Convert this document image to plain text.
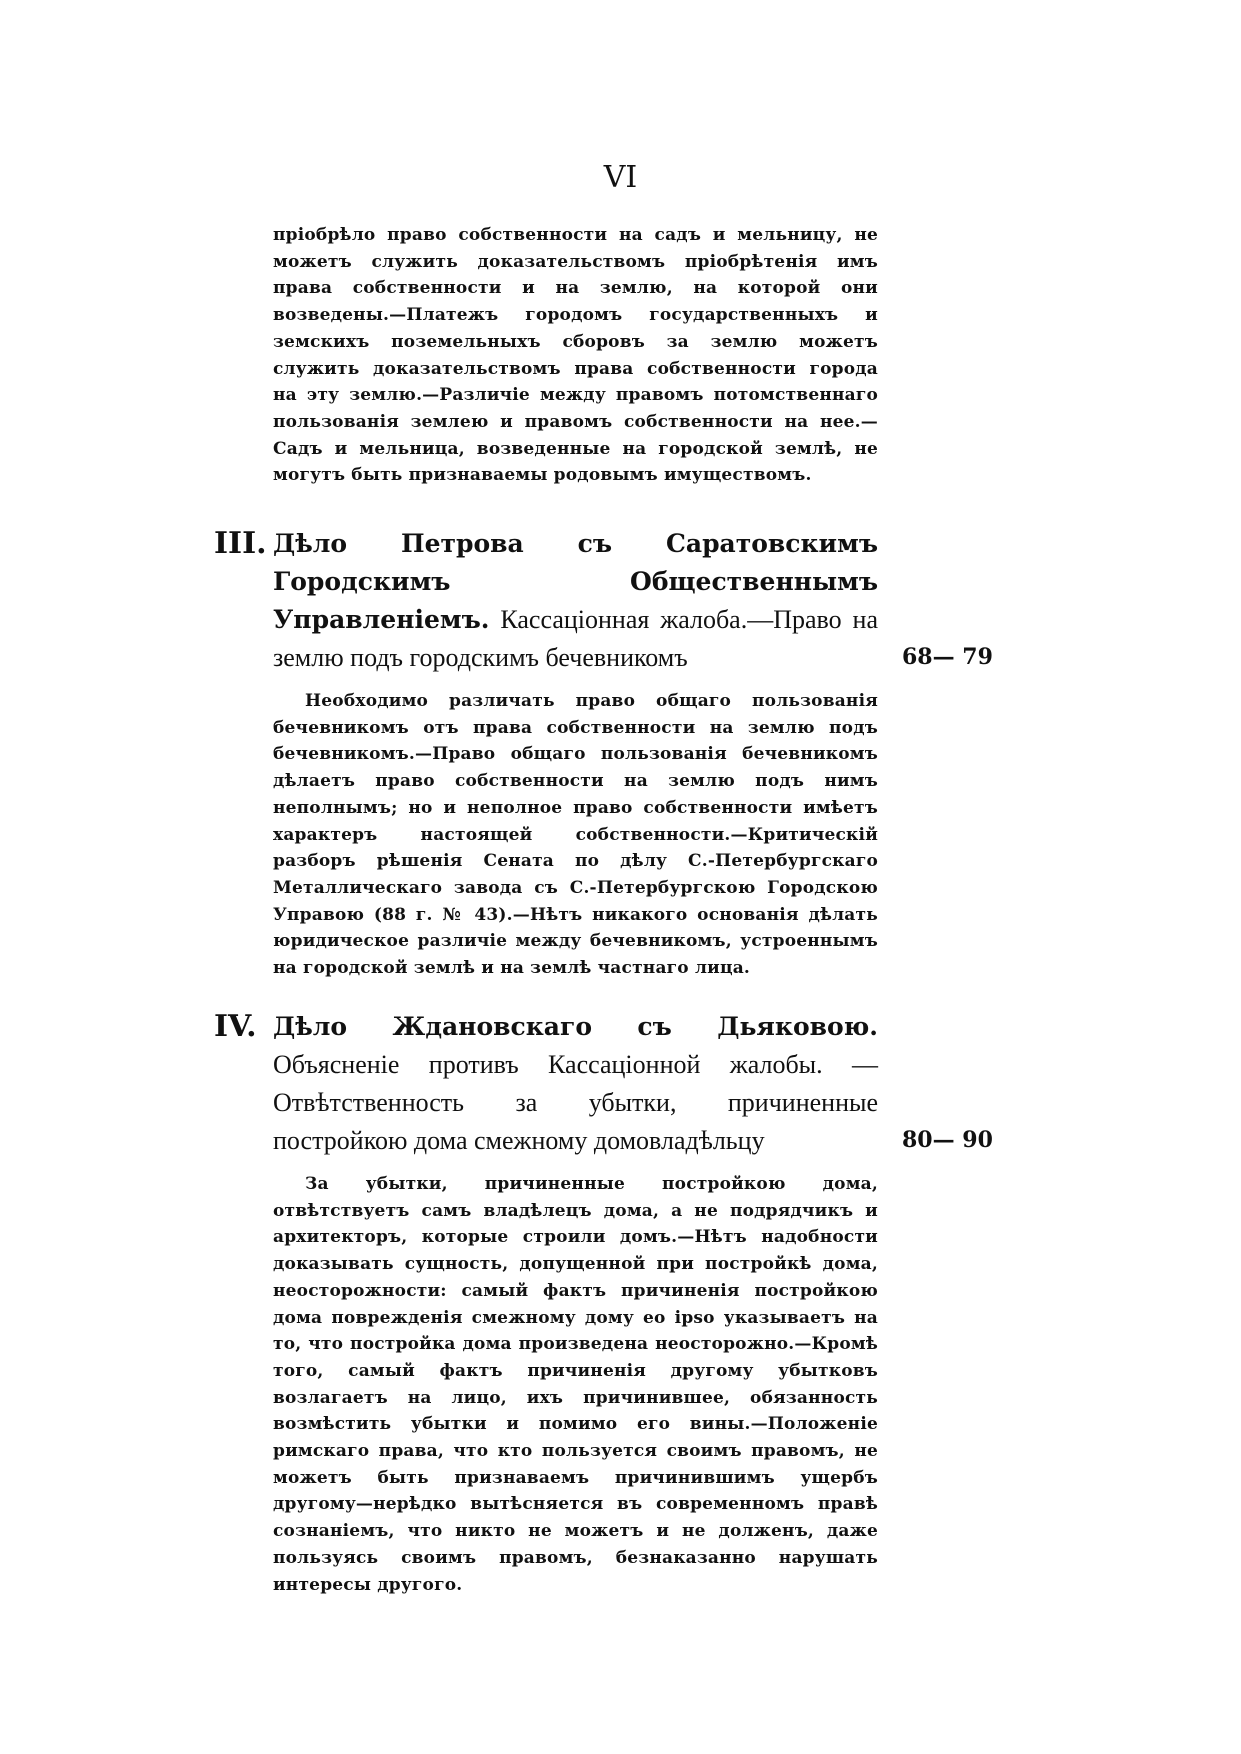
VI
пріобрѣло право собственности на садъ и мельницу, не можетъ служить доказательствомъ пріобрѣтенія имъ права собственности и на землю, на которой они возведены.—Платежъ городомъ государственныхъ и земскихъ поземельныхъ сборовъ за землю можетъ служить доказательствомъ права собственности города на эту землю.—Различіе между правомъ потомственнаго пользованія землею и правомъ собственности на нее.—Садъ и мельница, возведенные на городской землѣ, не могутъ быть признаваемы родовымъ имуществомъ.
III. Дѣло Петрова съ Саратовскимъ Городскимъ Общественнымъ Управленіемъ. Кассаціонная жалоба.—Право на землю подъ городскимъ бечевникомъ	68— 79
Необходимо различать право общаго пользованія бечевникомъ отъ права собственности на землю подъ бечевникомъ.—Право общаго пользованія бечевникомъ дѣлаетъ право собственности на землю подъ нимъ неполнымъ; но и неполное право собственности имѣетъ характеръ настоящей собственности.—Критическій разборъ рѣшенія Сената по дѣлу С.-Петербургскаго Металлическаго завода съ С.-Петербургскою Городскою Управою (88 г. № 43).—Нѣтъ никакого основанія дѣлать юридическое различіе между бечевникомъ, устроеннымъ на городской землѣ и на землѣ частнаго лица.
IV. Дѣло Ждановскаго съ Дьяковою. Объясненіе противъ Кассаціонной жалобы. — Отвѣтственность за убытки, причиненные постройкою дома смежному домовладѣльцу	80— 90
За убытки, причиненные постройкою дома, отвѣтствуетъ самъ владѣлецъ дома, а не подрядчикъ и архитекторъ, которые строили домъ.—Нѣтъ надобности доказывать сущность, допущенной при постройкѣ дома, неосторожности: самый фактъ причиненія постройкою дома поврежденія смежному дому eo ipso указываетъ на то, что постройка дома произведена неосторожно.—Кромѣ того, самый фактъ причиненія другому убытковъ возлагаетъ на лицо, ихъ причинившее, обязанность возмѣстить убытки и помимо его вины.—Положеніе римскаго права, что кто пользуется своимъ правомъ, не можетъ быть признаваемъ причинившимъ ущербъ другому—нерѣдко вытѣсняется въ современномъ правѣ сознаніемъ, что никто не можетъ и не долженъ, даже пользуясь своимъ правомъ, безнаказанно нарушать интересы другого.
